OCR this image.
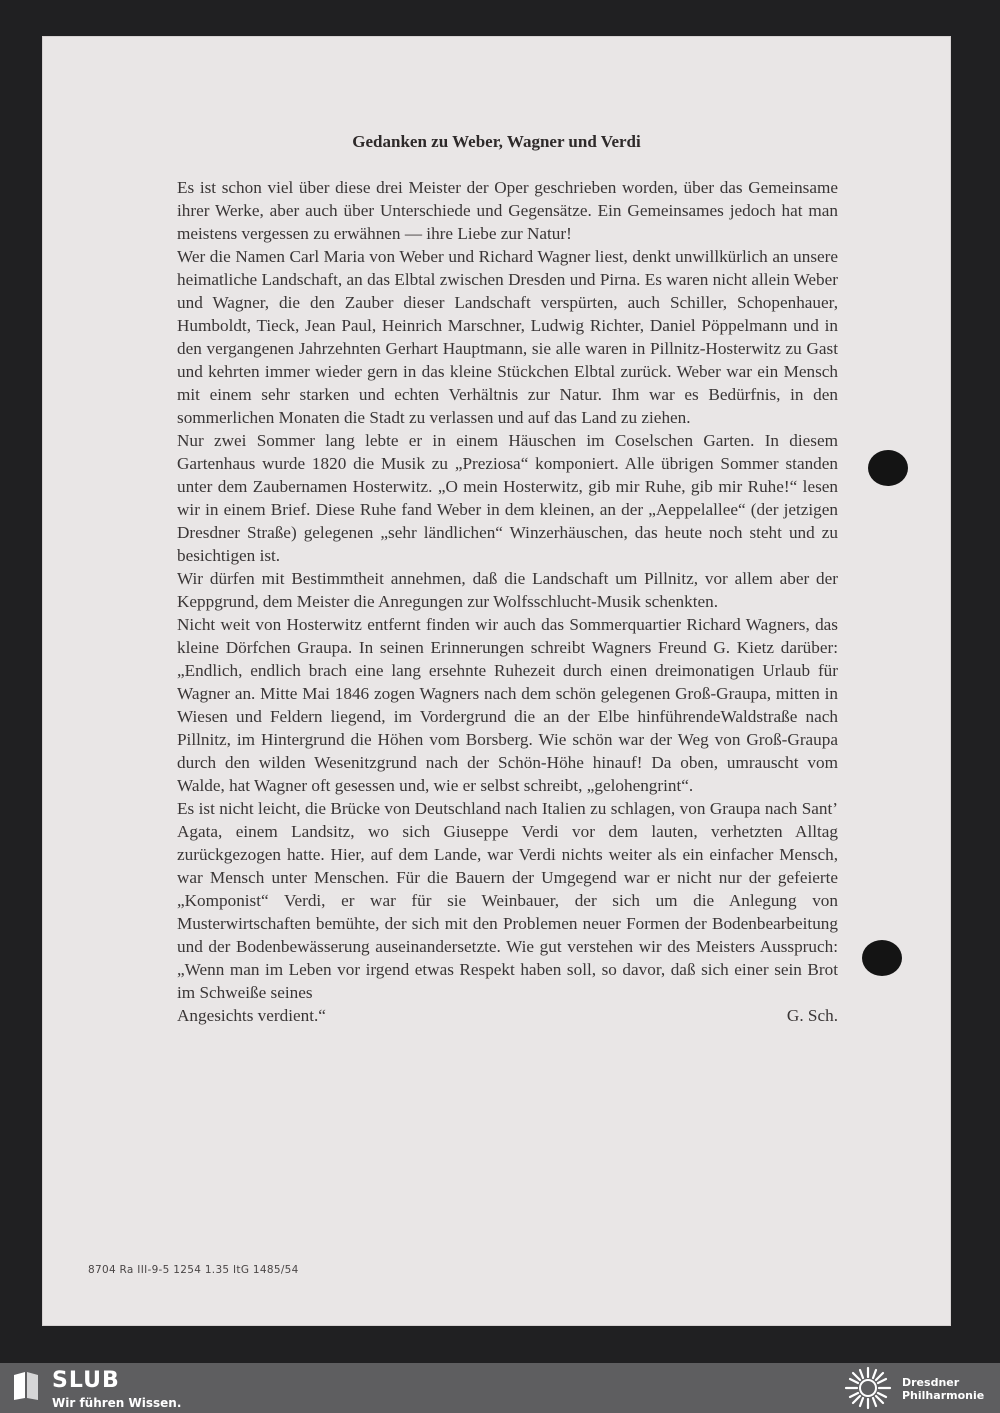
Gedanken zu Weber, Wagner und Verdi

Es ist schon viel über diese drei Meister der Oper geschrieben worden, über das Gemeinsame ihrer Werke, aber auch über Unterschiede und Gegensätze. Ein Gemeinsames jedoch hat man meistens vergessen zu erwähnen — ihre Liebe zur Natur!

Wer die Namen Carl Maria von Weber und Richard Wagner liest, denkt unwillkürlich an unsere heimatliche Landschaft, an das Elbtal zwischen Dresden und Pirna. Es waren nicht allein Weber und Wagner, die den Zauber dieser Landschaft verspürten, auch Schiller, Schopenhauer, Humboldt, Tieck, Jean Paul, Heinrich Marschner, Ludwig Richter, Daniel Pöppelmann und in den vergangenen Jahrzehnten Gerhart Hauptmann, sie alle waren in Pillnitz-Hosterwitz zu Gast und kehrten immer wieder gern in das kleine Stückchen Elbtal zurück. Weber war ein Mensch mit einem sehr starken und echten Verhältnis zur Natur. Ihm war es Bedürfnis, in den sommerlichen Monaten die Stadt zu verlassen und auf das Land zu ziehen.

Nur zwei Sommer lang lebte er in einem Häuschen im Coselschen Garten. In diesem Gartenhaus wurde 1820 die Musik zu „Preziosa“ komponiert. Alle übrigen Sommer standen unter dem Zaubernamen Hosterwitz. „O mein Hosterwitz, gib mir Ruhe, gib mir Ruhe!“ lesen wir in einem Brief. Diese Ruhe fand Weber in dem kleinen, an der „Aeppelallee“ (der jetzigen Dresdner Straße) gelegenen „sehr ländlichen“ Winzerhäuschen, das heute noch steht und zu besichtigen ist.

Wir dürfen mit Bestimmtheit annehmen, daß die Landschaft um Pillnitz, vor allem aber der Keppgrund, dem Meister die Anregungen zur Wolfsschlucht-Musik schenkten.

Nicht weit von Hosterwitz entfernt finden wir auch das Sommerquartier Richard Wagners, das kleine Dörfchen Graupa. In seinen Erinnerungen schreibt Wagners Freund G. Kietz darüber: „Endlich, endlich brach eine lang ersehnte Ruhezeit durch einen dreimonatigen Urlaub für Wagner an. Mitte Mai 1846 zogen Wagners nach dem schön gelegenen Groß-Graupa, mitten in Wiesen und Feldern liegend, im Vordergrund die an der Elbe hinführendeWaldstraße nach Pillnitz, im Hintergrund die Höhen vom Borsberg. Wie schön war der Weg von Groß-Graupa durch den wilden Wesenitzgrund nach der Schön-Höhe hinauf! Da oben, umrauscht vom Walde, hat Wagner oft gesessen und, wie er selbst schreibt, „gelohengrint“.

Es ist nicht leicht, die Brücke von Deutschland nach Italien zu schlagen, von Graupa nach Sant’ Agata, einem Landsitz, wo sich Giuseppe Verdi vor dem lauten, verhetzten Alltag zurückgezogen hatte. Hier, auf dem Lande, war Verdi nichts weiter als ein einfacher Mensch, war Mensch unter Menschen. Für die Bauern der Umgegend war er nicht nur der gefeierte „Komponist“ Verdi, er war für sie Weinbauer, der sich um die Anlegung von Musterwirtschaften bemühte, der sich mit den Problemen neuer Formen der Bodenbearbeitung und der Bodenbewässerung auseinandersetzte. Wie gut verstehen wir des Meisters Ausspruch: „Wenn man im Leben vor irgend etwas Respekt haben soll, so davor, daß sich einer sein Brot im Schweiße seines

Angesichts verdient.“	G. Sch.
8704 Ra III-9-5 1254 1.35 ItG 1485/54
SLUB
Wir führen Wissen.
Dresdner
Philharmonie
